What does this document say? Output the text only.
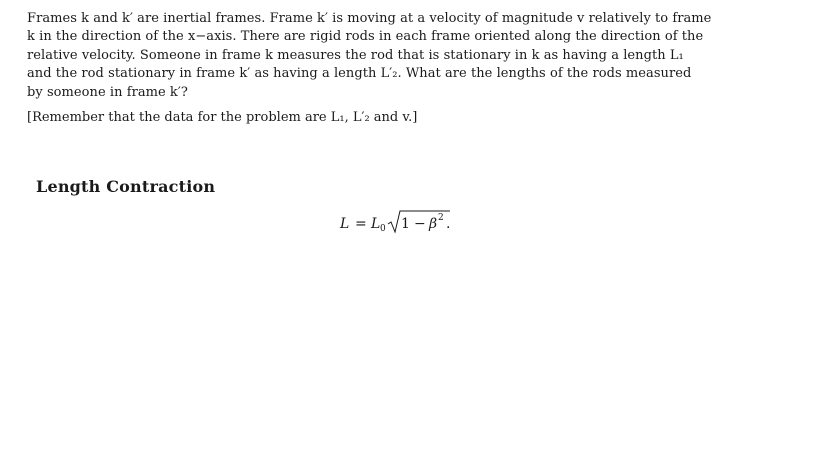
Frames k and k′ are inertial frames. Frame k′ is moving at a velocity of magnitude v relatively to frame
k in the direction of the x−axis. There are rigid rods in each frame oriented along the direction of the
relative velocity. Someone in frame k measures the rod that is stationary in k as having a length L₁
and the rod stationary in frame k′ as having a length L′₂. What are the lengths of the rods measured
by someone in frame k′?
[Remember that the data for the problem are L₁, L′₂ and v.]
Length Contraction
L = L 0 1 − β 2 .
